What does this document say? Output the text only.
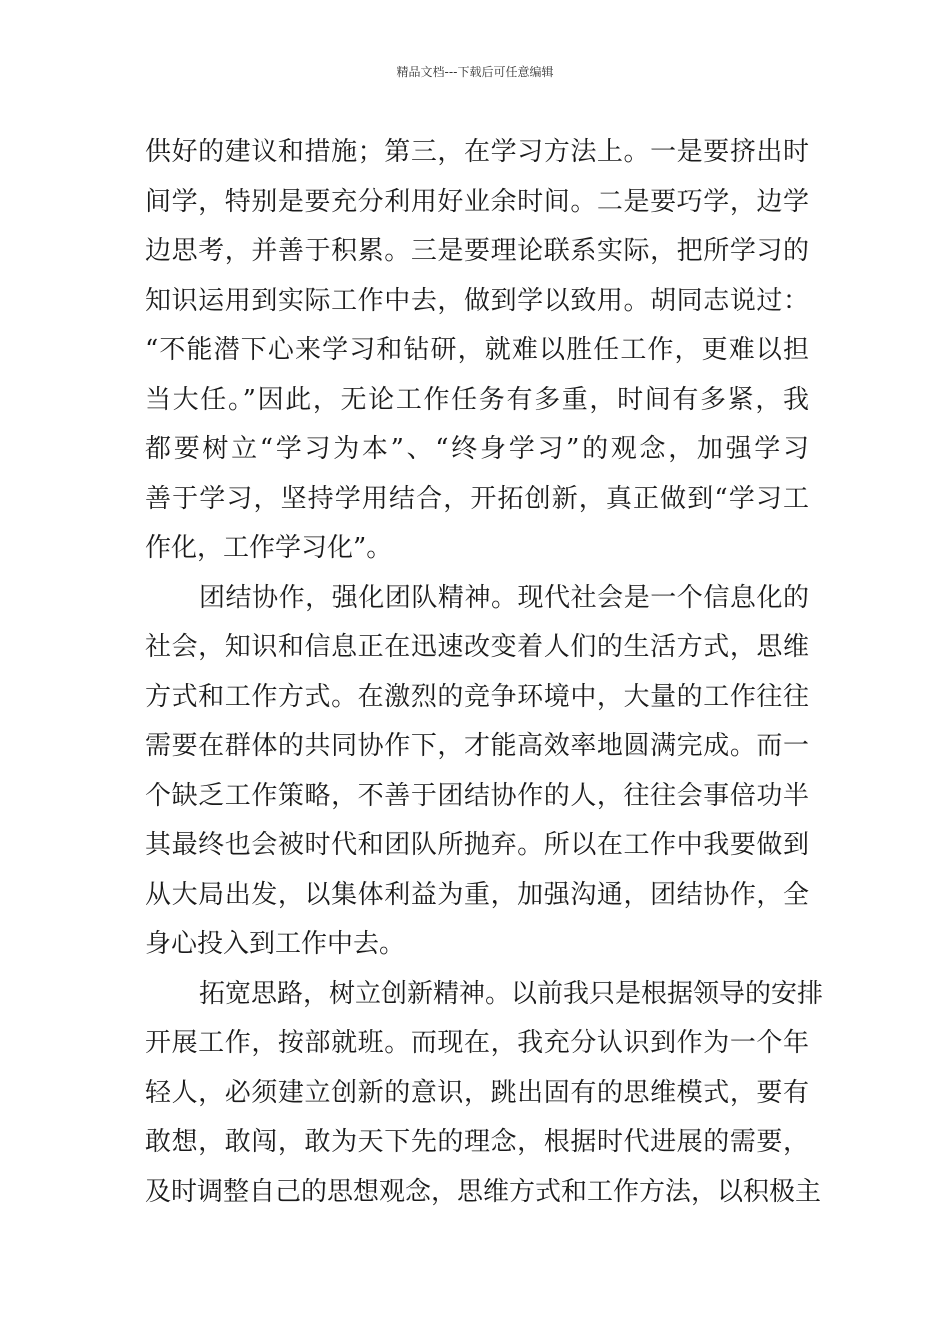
精品文档---下载后可任意编辑
供好的建议和措施；第三，在学习方法上。一是要挤出时
间学，特别是要充分利用好业余时间。二是要巧学，边学
边思考，并善于积累。三是要理论联系实际，把所学习的
知识运用到实际工作中去，做到学以致用。胡同志说过：
“不能潜下心来学习和钻研，就难以胜任工作，更难以担
当大任。”因此，无论工作任务有多重，时间有多紧，我
都要树立“学习为本”、“终身学习”的观念，加强学习
善于学习，坚持学用结合，开拓创新，真正做到“学习工
作化，工作学习化”。
团结协作，强化团队精神。现代社会是一个信息化的
社会，知识和信息正在迅速改变着人们的生活方式，思维
方式和工作方式。在激烈的竞争环境中，大量的工作往往
需要在群体的共同协作下，才能高效率地圆满完成。而一
个缺乏工作策略，不善于团结协作的人，往往会事倍功半
其最终也会被时代和团队所抛弃。所以在工作中我要做到
从大局出发，以集体利益为重，加强沟通，团结协作，全
身心投入到工作中去。
拓宽思路，树立创新精神。以前我只是根据领导的安排
开展工作，按部就班。而现在，我充分认识到作为一个年
轻人，必须建立创新的意识，跳出固有的思维模式，要有
敢想，敢闯，敢为天下先的理念，根据时代进展的需要，
及时调整自己的思想观念，思维方式和工作方法，以积极主
